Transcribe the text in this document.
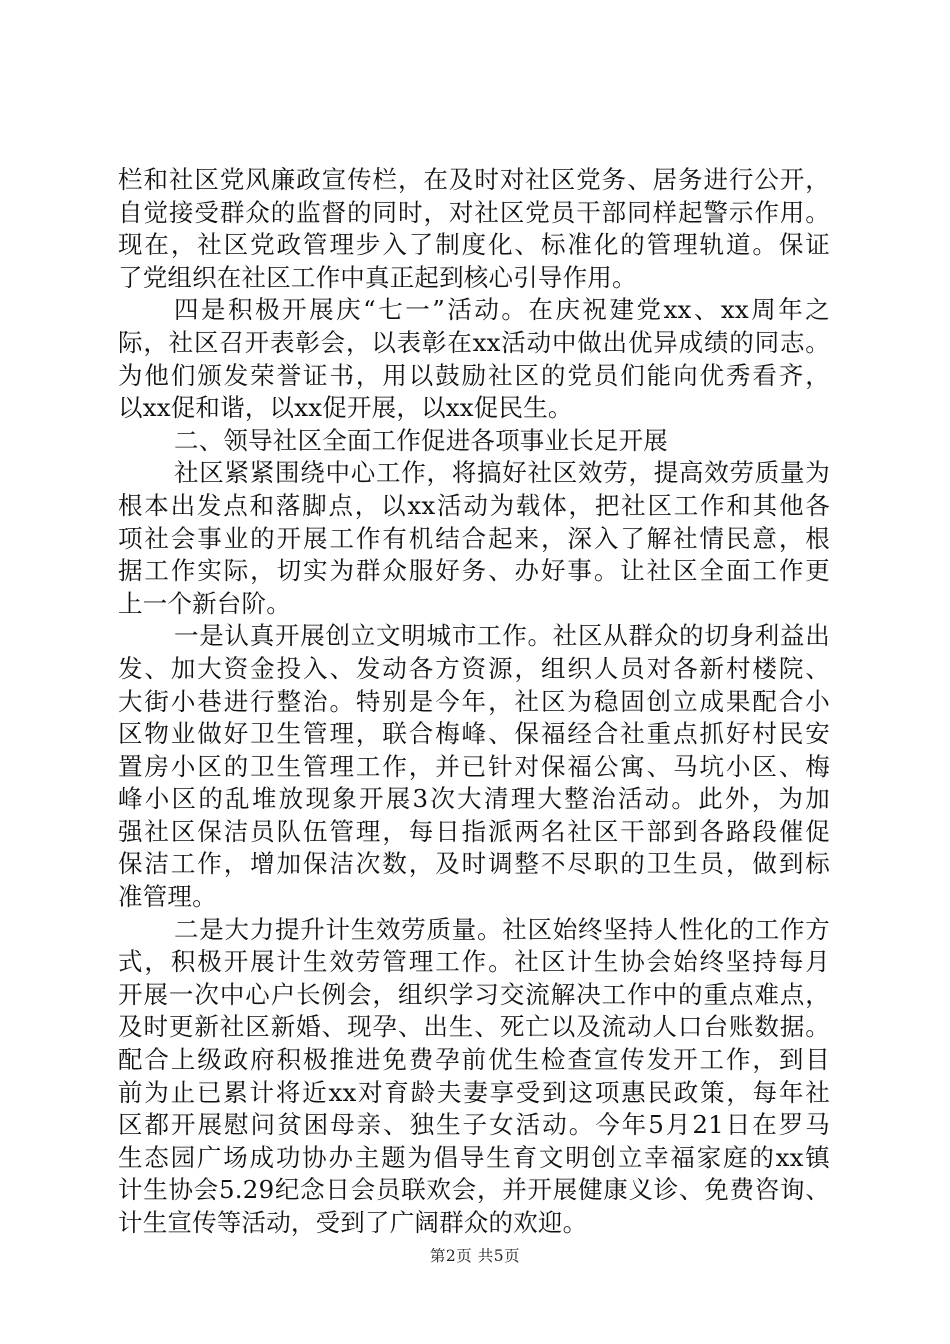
栏和社区党风廉政宣传栏，在及时对社区党务、居务进行公开，
自觉接受群众的监督的同时，对社区党员干部同样起警示作用。
现在，社区党政管理步入了制度化、标准化的管理轨道。保证
了党组织在社区工作中真正起到核心引导作用。
四是积极开展庆“七一”活动。在庆祝建党xx、xx周年之
际，社区召开表彰会，以表彰在xx活动中做出优异成绩的同志。
为他们颁发荣誉证书，用以鼓励社区的党员们能向优秀看齐，
以xx促和谐，以xx促开展，以xx促民生。
二、领导社区全面工作促进各项事业长足开展
社区紧紧围绕中心工作，将搞好社区效劳，提高效劳质量为
根本出发点和落脚点，以xx活动为载体，把社区工作和其他各
项社会事业的开展工作有机结合起来，深入了解社情民意，根
据工作实际，切实为群众服好务、办好事。让社区全面工作更
上一个新台阶。
一是认真开展创立文明城市工作。社区从群众的切身利益出
发、加大资金投入、发动各方资源，组织人员对各新村楼院、
大街小巷进行整治。特别是今年，社区为稳固创立成果配合小
区物业做好卫生管理，联合梅峰、保福经合社重点抓好村民安
置房小区的卫生管理工作，并已针对保福公寓、马坑小区、梅
峰小区的乱堆放现象开展3次大清理大整治活动。此外，为加
强社区保洁员队伍管理，每日指派两名社区干部到各路段催促
保洁工作，增加保洁次数，及时调整不尽职的卫生员，做到标
准管理。
二是大力提升计生效劳质量。社区始终坚持人性化的工作方
式，积极开展计生效劳管理工作。社区计生协会始终坚持每月
开展一次中心户长例会，组织学习交流解决工作中的重点难点，
及时更新社区新婚、现孕、出生、死亡以及流动人口台账数据。
配合上级政府积极推进免费孕前优生检查宣传发开工作，到目
前为止已累计将近xx对育龄夫妻享受到这项惠民政策，每年社
区都开展慰问贫困母亲、独生子女活动。今年5月21日在罗马
生态园广场成功协办主题为倡导生育文明创立幸福家庭的xx镇
计生协会5.29纪念日会员联欢会，并开展健康义诊、免费咨询、
计生宣传等活动，受到了广阔群众的欢迎。
第2页 共5页
